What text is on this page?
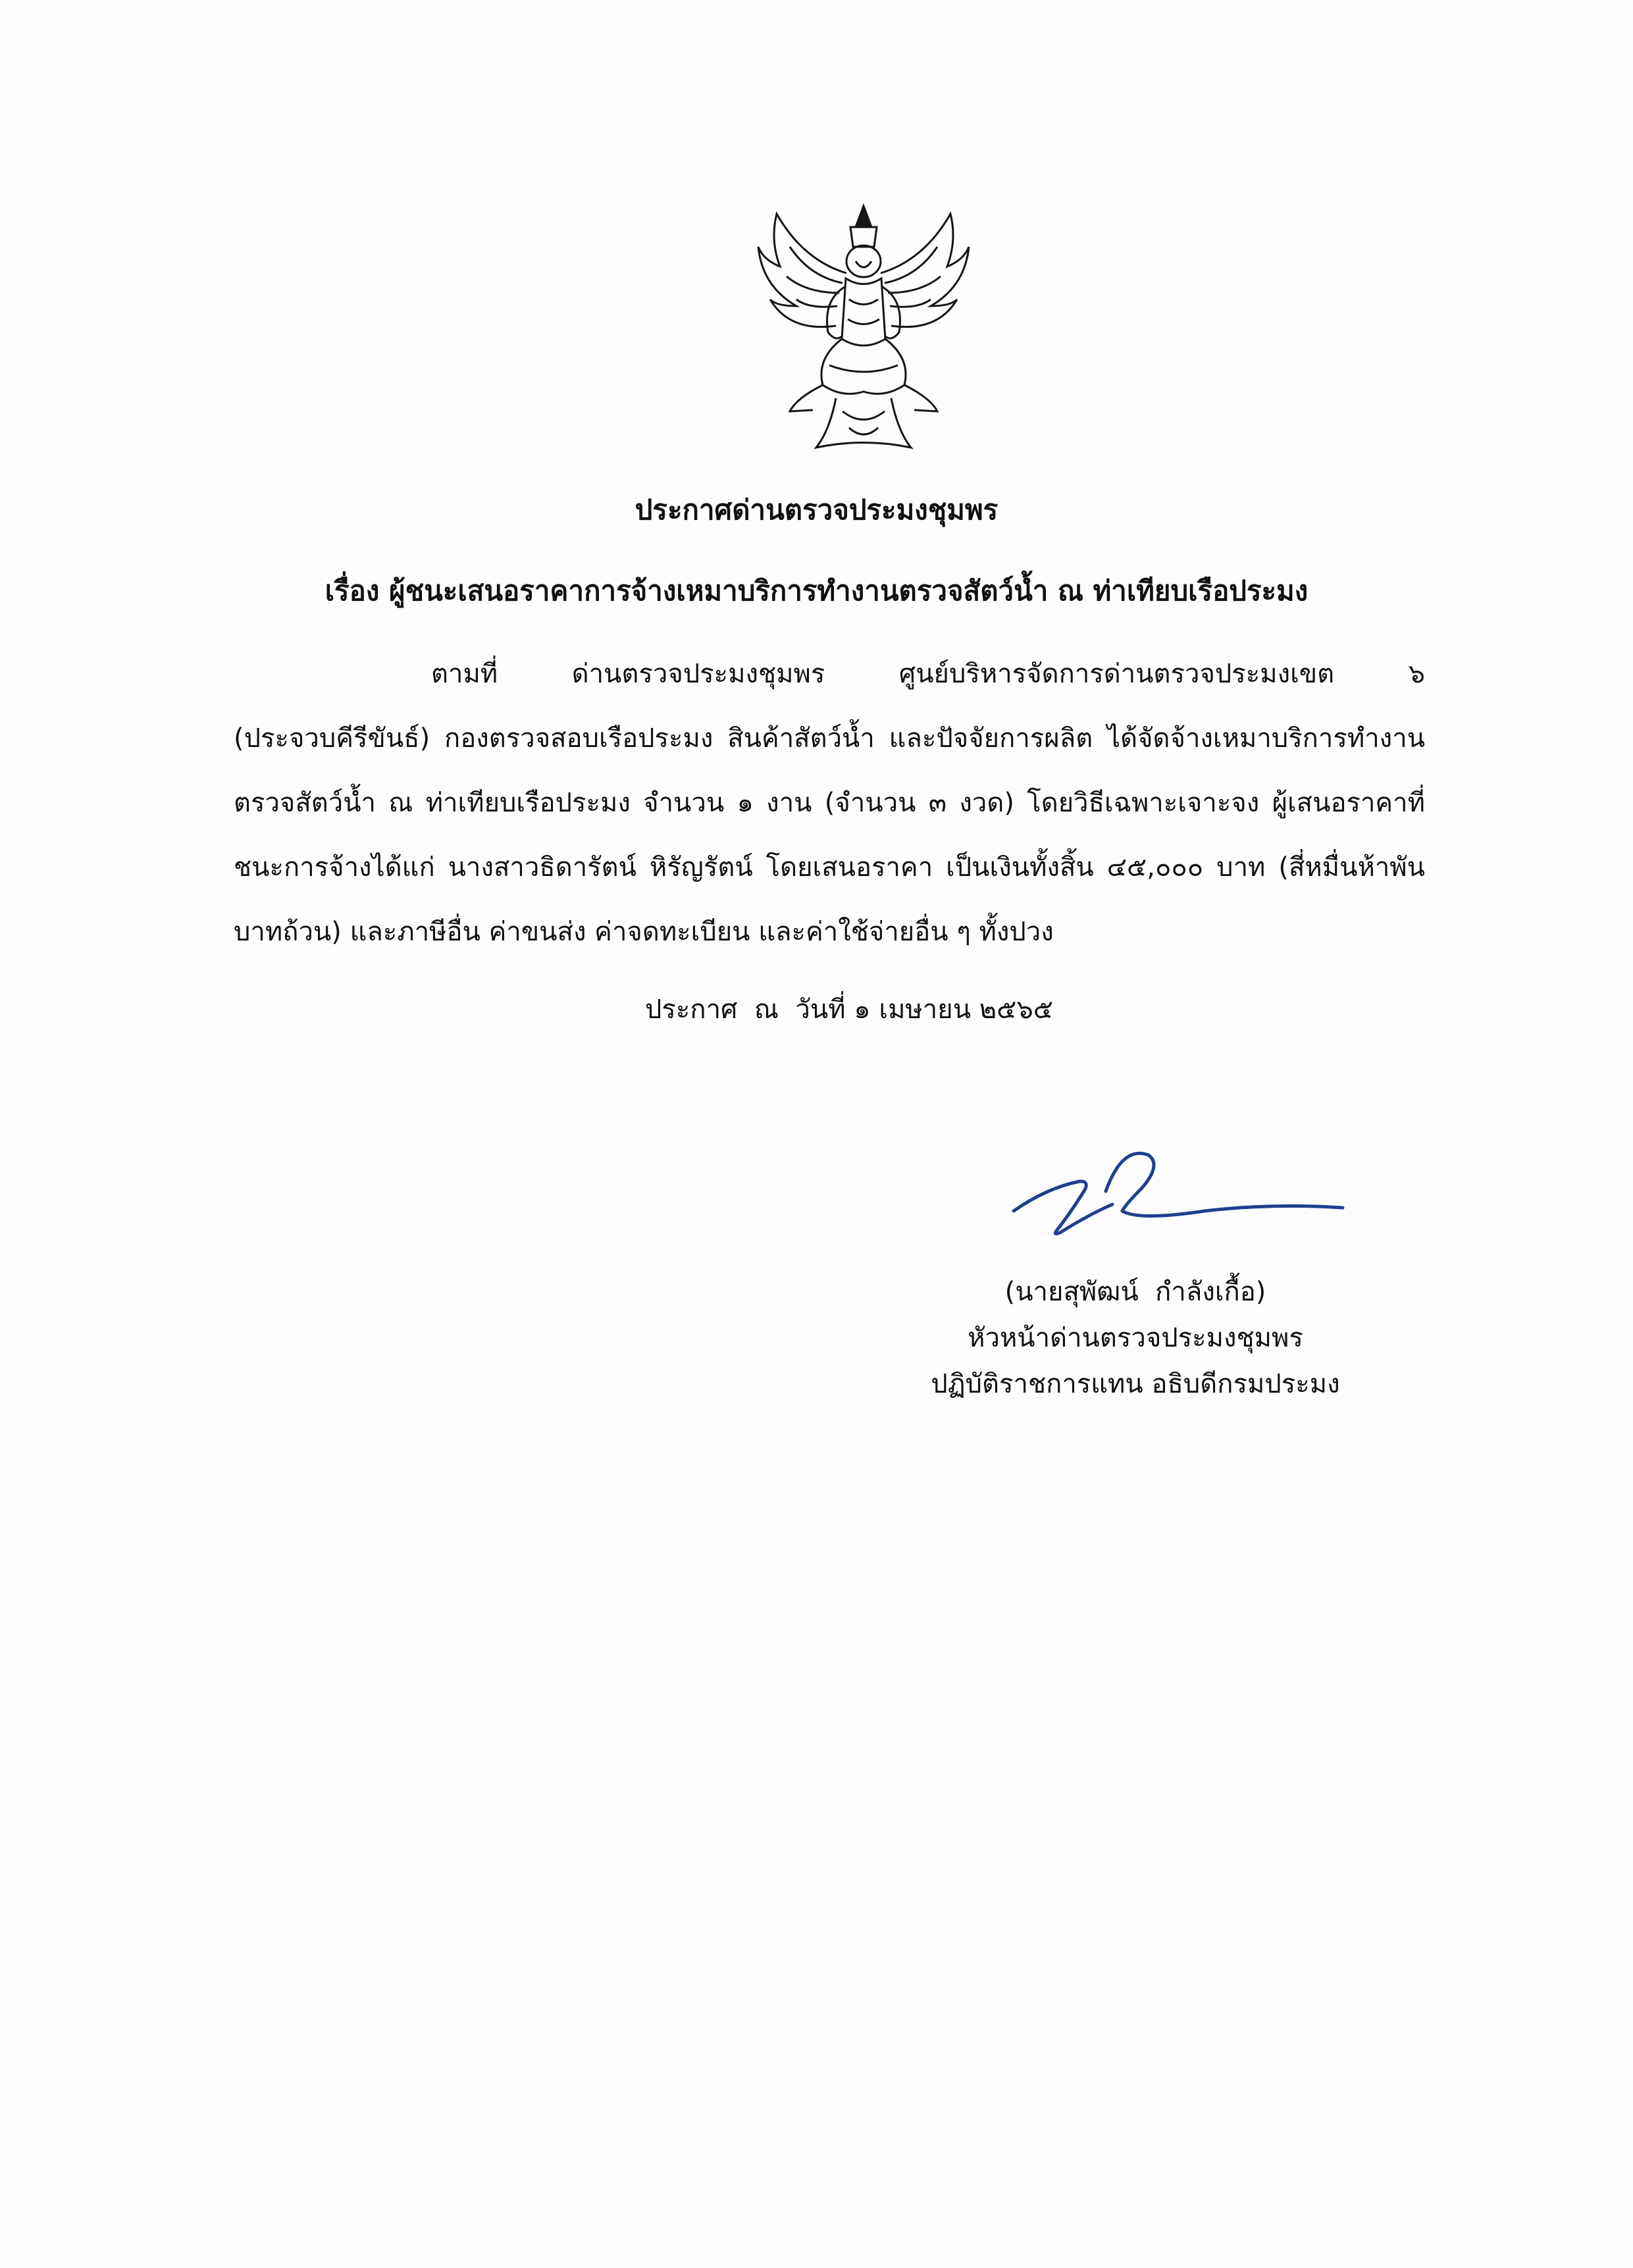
ประกาศด่านตรวจประมงชุมพร
เรื่อง ผู้ชนะเสนอราคาการจ้างเหมาบริการทำงานตรวจสัตว์น้ำ ณ ท่าเทียบเรือประมง
ตามที่ ด่านตรวจประมงชุมพร ศูนย์บริหารจัดการด่านตรวจประมงเขต ๖ (ประจวบคีรีขันธ์) กองตรวจสอบเรือประมง สินค้าสัตว์น้ำ และปัจจัยการผลิต ได้จัดจ้างเหมาบริการทำงานตรวจสัตว์น้ำ ณ ท่าเทียบเรือประมง จำนวน ๑ งาน (จำนวน ๓ งวด) โดยวิธีเฉพาะเจาะจง ผู้เสนอราคาที่ชนะการจ้างได้แก่ นางสาวธิดารัตน์ หิรัญรัตน์ โดยเสนอราคา เป็นเงินทั้งสิ้น ๔๕,๐๐๐ บาท (สี่หมื่นห้าพันบาทถ้วน) และภาษีอื่น ค่าขนส่ง ค่าจดทะเบียน และค่าใช้จ่ายอื่น ๆ ทั้งปวง
ประกาศ  ณ  วันที่ ๑ เมษายน ๒๕๖๕
(นายสุพัฒน์  กำลังเกื้อ)
หัวหน้าด่านตรวจประมงชุมพร
ปฏิบัติราชการแทน อธิบดีกรมประมง
